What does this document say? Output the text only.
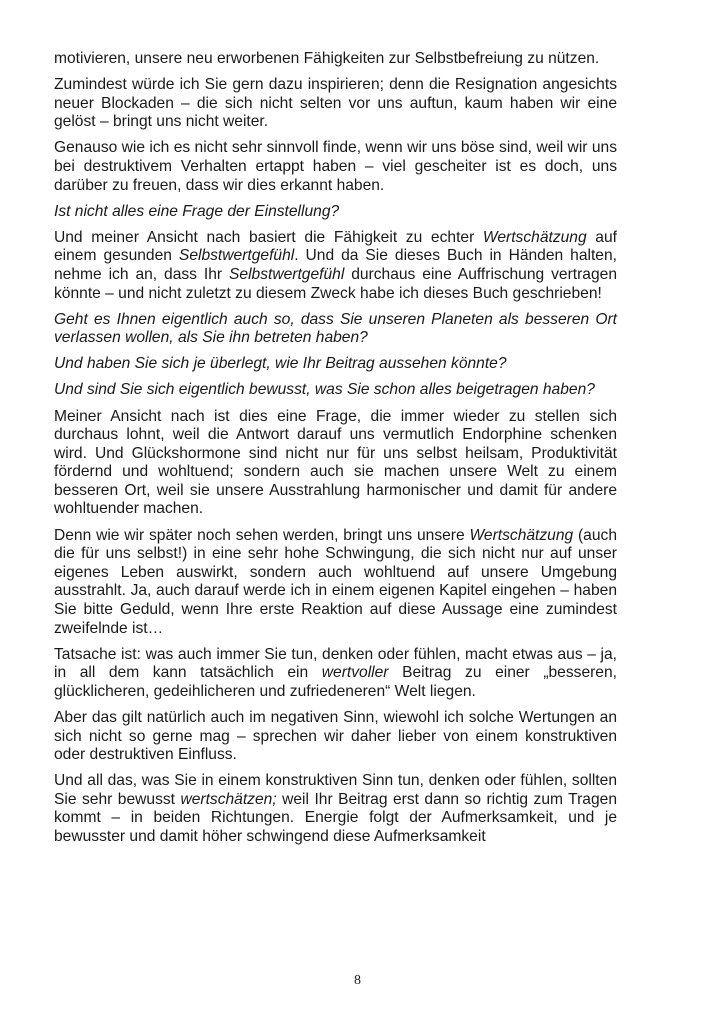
motivieren, unsere neu erworbenen Fähigkeiten zur Selbstbefreiung zu nützen.

Zumindest würde ich Sie gern dazu inspirieren; denn die Resignation angesichts neuer Blockaden – die sich nicht selten vor uns auftun, kaum haben wir eine gelöst – bringt uns nicht weiter.

Genauso wie ich es nicht sehr sinnvoll finde, wenn wir uns böse sind, weil wir uns bei destruktivem Verhalten ertappt haben – viel gescheiter ist es doch, uns darüber zu freuen, dass wir dies erkannt haben.

Ist nicht alles eine Frage der Einstellung?

Und meiner Ansicht nach basiert die Fähigkeit zu echter Wertschätzung auf einem gesunden Selbstwertgefühl. Und da Sie dieses Buch in Händen halten, nehme ich an, dass Ihr Selbstwertgefühl durchaus eine Auffrischung vertragen könnte – und nicht zuletzt zu diesem Zweck habe ich dieses Buch geschrieben!

Geht es Ihnen eigentlich auch so, dass Sie unseren Planeten als besseren Ort verlassen wollen, als Sie ihn betreten haben?

Und haben Sie sich je überlegt, wie Ihr Beitrag aussehen könnte?

Und sind Sie sich eigentlich bewusst, was Sie schon alles beigetragen haben?

Meiner Ansicht nach ist dies eine Frage, die immer wieder zu stellen sich durchaus lohnt, weil die Antwort darauf uns vermutlich Endorphine schenken wird. Und Glückshormone sind nicht nur für uns selbst heilsam, Produktivität fördernd und wohltuend; sondern auch sie machen unsere Welt zu einem besseren Ort, weil sie unsere Ausstrahlung harmonischer und damit für andere wohltuender machen.

Denn wie wir später noch sehen werden, bringt uns unsere Wertschätzung (auch die für uns selbst!) in eine sehr hohe Schwingung, die sich nicht nur auf unser eigenes Leben auswirkt, sondern auch wohltuend auf unsere Umgebung ausstrahlt. Ja, auch darauf werde ich in einem eigenen Kapitel eingehen – haben Sie bitte Geduld, wenn Ihre erste Reaktion auf diese Aussage eine zumindest zweifelnde ist…

Tatsache ist: was auch immer Sie tun, denken oder fühlen, macht etwas aus – ja, in all dem kann tatsächlich ein wertvoller Beitrag zu einer „besseren, glücklicheren, gedeihlicheren und zufriedeneren“ Welt liegen.

Aber das gilt natürlich auch im negativen Sinn, wiewohl ich solche Wertungen an sich nicht so gerne mag – sprechen wir daher lieber von einem konstruktiven oder destruktiven Einfluss.

Und all das, was Sie in einem konstruktiven Sinn tun, denken oder fühlen, sollten Sie sehr bewusst wertschätzen; weil Ihr Beitrag erst dann so richtig zum Tragen kommt – in beiden Richtungen. Energie folgt der Aufmerksamkeit, und je bewusster und damit höher schwingend diese Aufmerksamkeit

8
